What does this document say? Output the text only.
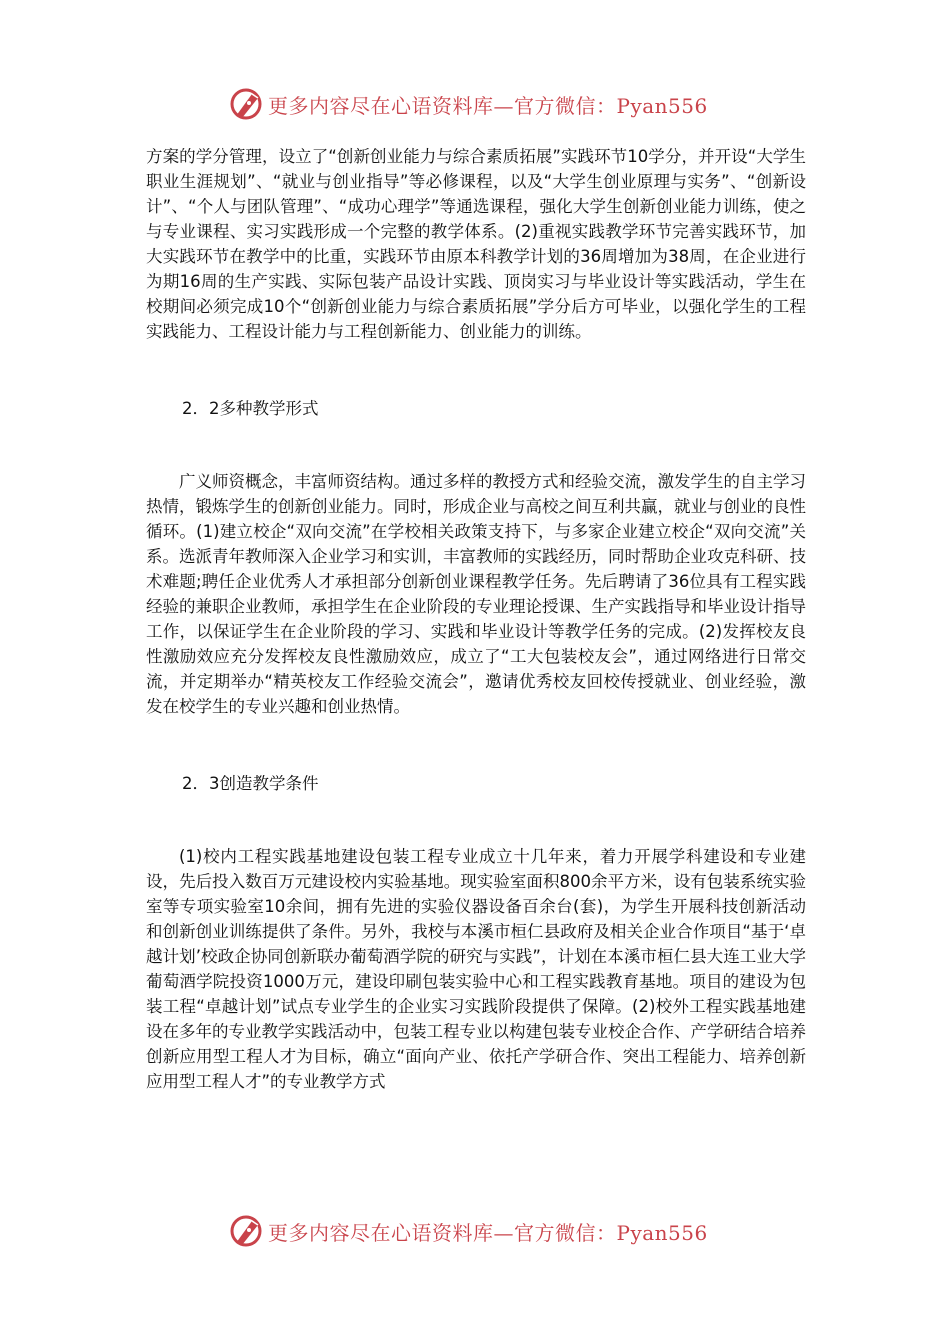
更多内容尽在心语资料库—官方微信：Pyan556

方案的学分管理，设立了“创新创业能力与综合素质拓展”实践环节10学分，并开设“大学生职业生涯规划”、“就业与创业指导”等必修课程，以及“大学生创业原理与实务”、“创新设计”、“个人与团队管理”、“成功心理学”等通选课程，强化大学生创新创业能力训练，使之与专业课程、实习实践形成一个完整的教学体系。(2)重视实践教学环节完善实践环节，加大实践环节在教学中的比重，实践环节由原本科教学计划的36周增加为38周，在企业进行为期16周的生产实践、实际包装产品设计实践、顶岗实习与毕业设计等实践活动，学生在校期间必须完成10个“创新创业能力与综合素质拓展”学分后方可毕业，以强化学生的工程实践能力、工程设计能力与工程创新能力、创业能力的训练。

2．2多种教学形式

广义师资概念，丰富师资结构。通过多样的教授方式和经验交流，激发学生的自主学习热情，锻炼学生的创新创业能力。同时，形成企业与高校之间互利共赢，就业与创业的良性循环。(1)建立校企“双向交流”在学校相关政策支持下，与多家企业建立校企“双向交流”关系。选派青年教师深入企业学习和实训，丰富教师的实践经历，同时帮助企业攻克科研、技术难题;聘任企业优秀人才承担部分创新创业课程教学任务。先后聘请了36位具有工程实践经验的兼职企业教师，承担学生在企业阶段的专业理论授课、生产实践指导和毕业设计指导工作，以保证学生在企业阶段的学习、实践和毕业设计等教学任务的完成。(2)发挥校友良性激励效应充分发挥校友良性激励效应，成立了“工大包装校友会”，通过网络进行日常交流，并定期举办“精英校友工作经验交流会”，邀请优秀校友回校传授就业、创业经验，激发在校学生的专业兴趣和创业热情。

2．3创造教学条件

(1)校内工程实践基地建设包装工程专业成立十几年来，着力开展学科建设和专业建设，先后投入数百万元建设校内实验基地。现实验室面积800余平方米，设有包装系统实验室等专项实验室10余间，拥有先进的实验仪器设备百余台(套)，为学生开展科技创新活动和创新创业训练提供了条件。另外，我校与本溪市桓仁县政府及相关企业合作项目“基于‘卓越计划’校政企协同创新联办葡萄酒学院的研究与实践”，计划在本溪市桓仁县大连工业大学葡萄酒学院投资1000万元，建设印刷包装实验中心和工程实践教育基地。项目的建设为包装工程“卓越计划”试点专业学生的企业实习实践阶段提供了保障。(2)校外工程实践基地建设在多年的专业教学实践活动中，包装工程专业以构建包装专业校企合作、产学研结合培养创新应用型工程人才为目标，确立“面向产业、依托产学研合作、突出工程能力、培养创新应用型工程人才”的专业教学方式

更多内容尽在心语资料库—官方微信：Pyan556
